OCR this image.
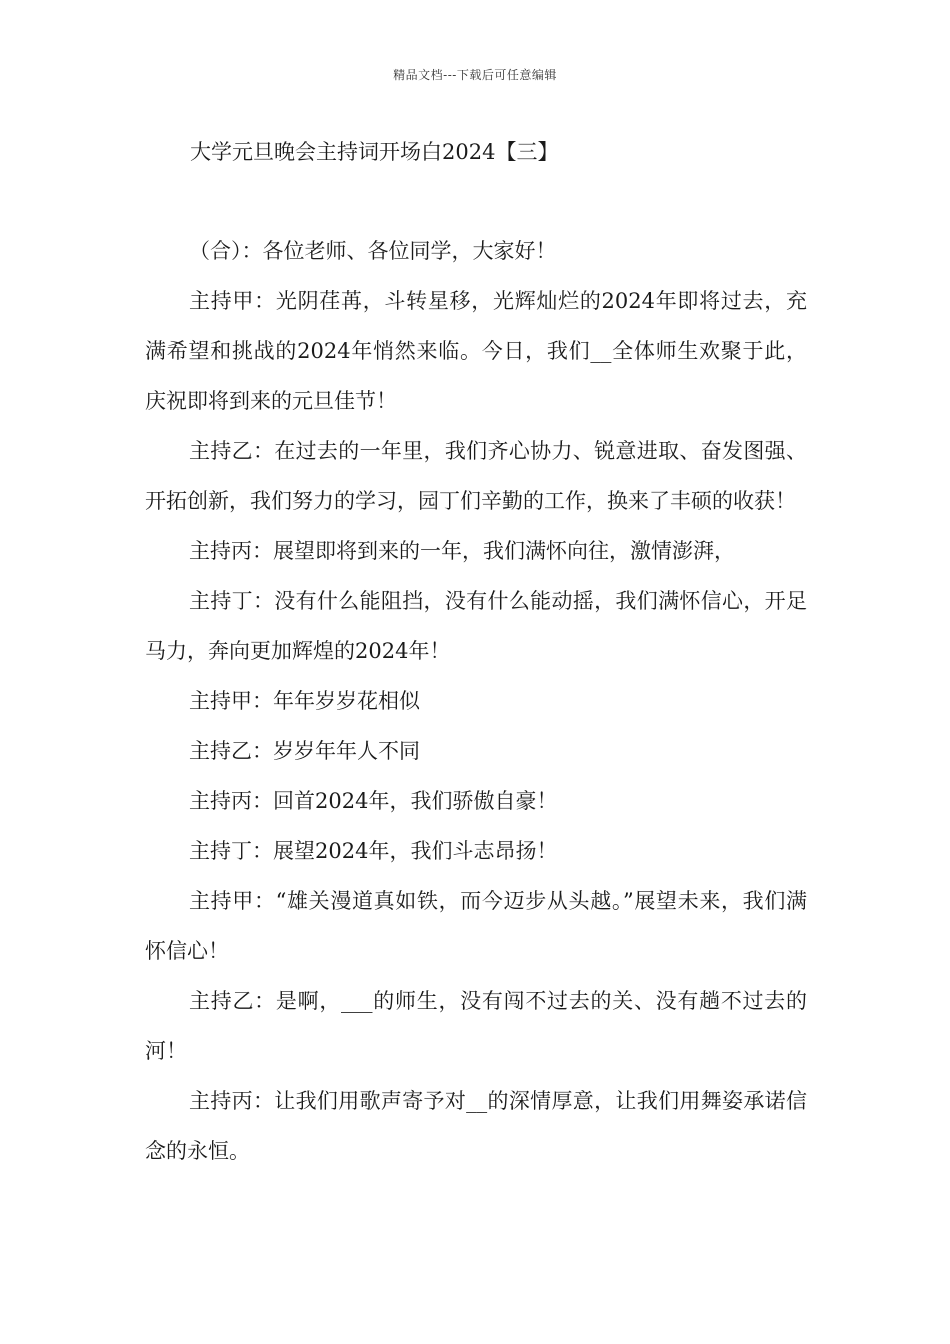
精品文档---下载后可任意编辑
大学元旦晚会主持词开场白2024【三】

（合）：各位老师、各位同学，大家好！

主持甲：光阴荏苒，斗转星移，光辉灿烂的2024年即将过去，充满希望和挑战的2024年悄然来临。今日，我们__全体师生欢聚于此，庆祝即将到来的元旦佳节！

主持乙：在过去的一年里，我们齐心协力、锐意进取、奋发图强、开拓创新，我们努力的学习，园丁们辛勤的工作，换来了丰硕的收获！

主持丙：展望即将到来的一年，我们满怀向往，激情澎湃，

主持丁：没有什么能阻挡，没有什么能动摇，我们满怀信心，开足马力，奔向更加辉煌的2024年！

主持甲：年年岁岁花相似

主持乙：岁岁年年人不同

主持丙：回首2024年，我们骄傲自豪！

主持丁：展望2024年，我们斗志昂扬！

主持甲：“雄关漫道真如铁，而今迈步从头越。”展望未来，我们满怀信心！

主持乙：是啊，___的师生，没有闯不过去的关、没有趟不过去的河！

主持丙：让我们用歌声寄予对__的深情厚意，让我们用舞姿承诺信念的永恒。
